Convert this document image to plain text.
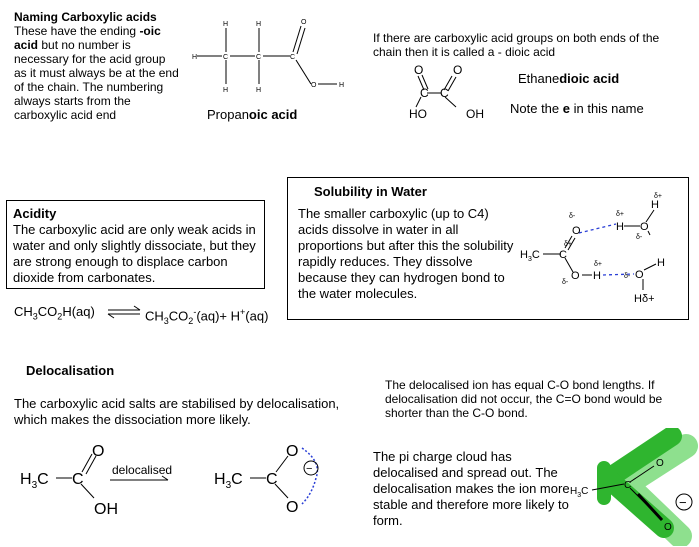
Naming Carboxylic acids
These have the ending -oic acid but no number is necessary for the acid group as it must always be at the end of the chain. The numbering always starts from the carboxylic acid end
H	C	C	C
H	H
H	H
O
O	H
Propanoic acid
If there are carboxylic acid groups on both ends of the chain then it is called a - dioic acid
O O
C C
HO	OH
Ethanedioic acid
Note the e in this name
Acidity
The carboxylic acid are only weak acids in water and only slightly dissociate, but they are strong enough to displace carbon dioxide from carbonates.
$CH_3CO_2H(aq)$ ⇌ $CH_3CO_2^-(aq)+ H^+(aq)$
Solubility in Water
The smaller carboxylic (up to C4) acids dissolve in water in all proportions but after this the solubility rapidly reduces. They dissolve because they can hydrogen bond to the water molecules.
$H_3C$ C
O
O H
H O
H
O
H
Hδ+
δ-
δ+
δ-
δ+
δ+
δ-
δ+
δ-
Delocalisation
The carboxylic acid salts are stabilised by delocalisation, which makes the dissociation more likely.
−
$H_3C$ C
O
OH
$H_3C$ C
O
O
delocalised
The delocalised ion has equal C-O bond lengths. If delocalisation did not occur, the C=O bond would be shorter than the C-O bond.
The pi charge cloud has delocalised and spread out. The delocalisation makes the ion more stable and therefore more likely to form.
$H_3C$
C
O
O
−
